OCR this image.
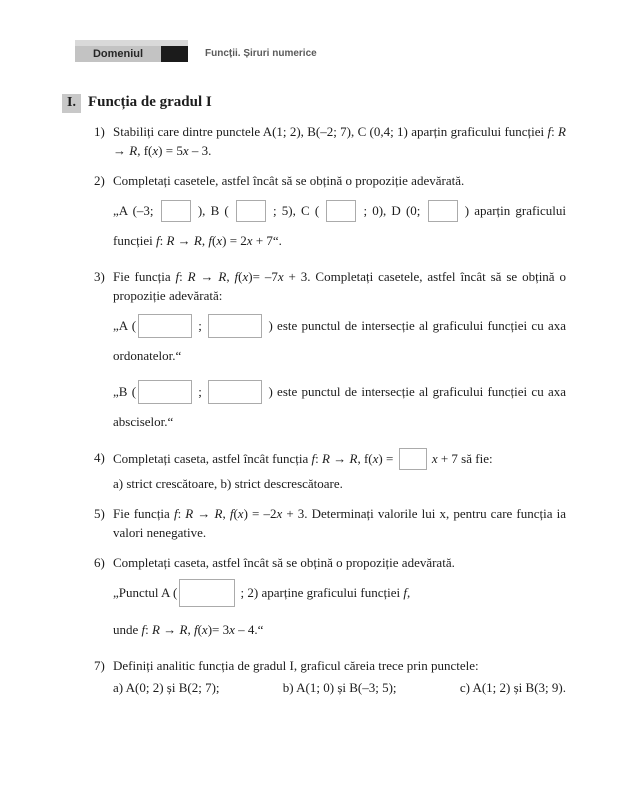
Domeniul	Funcții. Șiruri numerice
I. Funcția de gradul I
1) Stabiliți care dintre punctele A(1; 2), B(–2; 7), C (0,4; 1) aparțin graficului funcției f: R → R, f(x) = 5x – 3.

2) Completați casetele, astfel încât să se obțină o propoziție adevărată.

„A (–3;	), B (	; 5), C (	; 0), D (0;	) aparțin graficului funcției f: R → R, f(x) = 2x + 7“.

3) Fie funcția f: R → R, f(x)= –7x + 3. Completați casetele, astfel încât să se obțină o propoziție adevărată:

„A (	;	) este punctul de intersecție al graficului funcției cu axa ordonatelor.“

„B (	;	) este punctul de intersecție al graficului funcției cu axa absciselor.“

4) Completați caseta, astfel încât funcția f: R → R, f(x) =	x + 7 să fie:

a) strict crescătoare, b) strict descrescătoare.

5) Fie funcția f: R → R, f(x) = –2x + 3. Determinați valorile lui x, pentru care funcția ia valori nenegative.

6) Completați caseta, astfel încât să se obțină o propoziție adevărată.

„Punctul A (	; 2) aparține graficului funcției f,

unde f: R → R, f(x)= 3x – 4.“

7) Definiți analitic funcția de gradul I, graficul căreia trece prin punctele:

a) A(0; 2) și B(2; 7);	b) A(1; 0) și B(–3; 5);	c) A(1; 2) și B(3; 9).
